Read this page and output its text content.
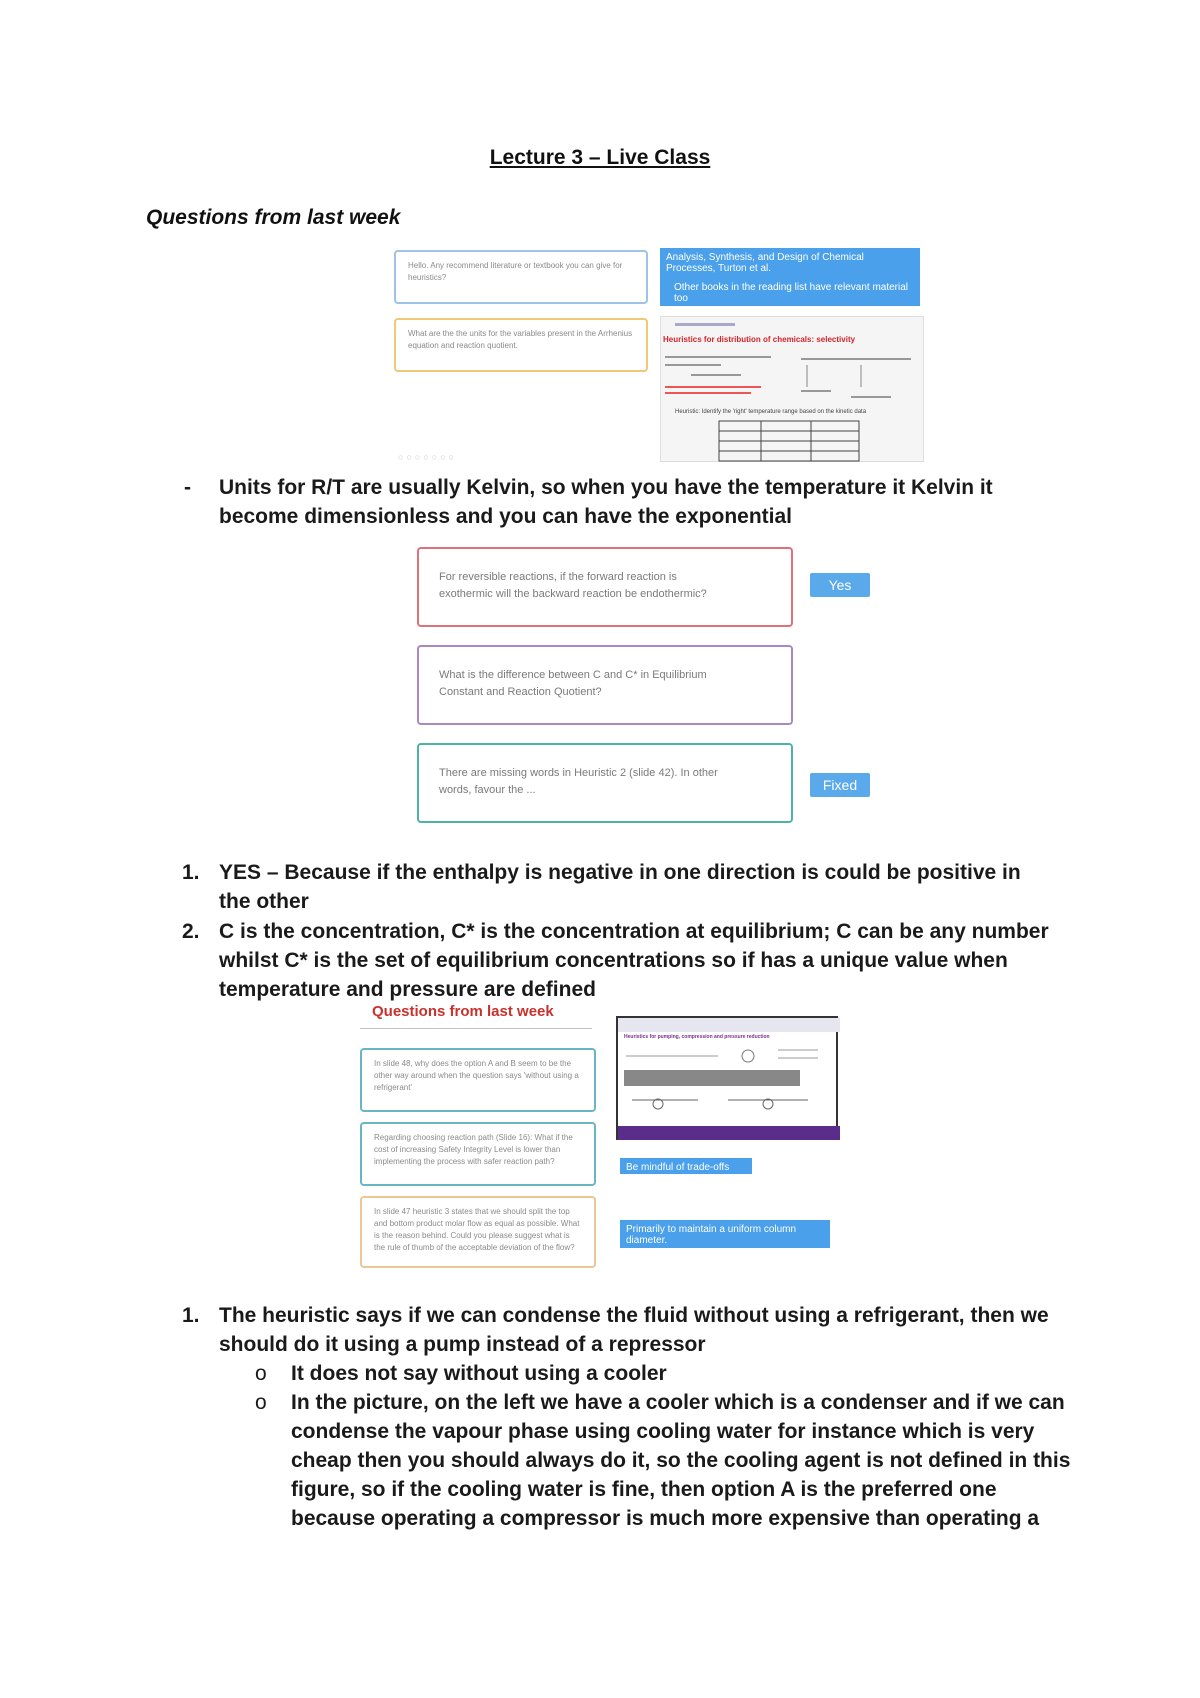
Lecture 3 – Live Class
Questions from last week
Hello. Any recommend literature or textbook you can give for heuristics?
What are the the units for the variables present in the Arrhenius equation and reaction quotient.
○○○○○○○
Analysis, Synthesis, and Design of Chemical Processes, Turton et al.
Other books in the reading list have relevant material too
Heuristics for distribution of chemicals: selectivity
Heuristic: Identify the 'right' temperature range based on the kinetic data
- Units for R/T are usually Kelvin, so when you have the temperature it Kelvin it become dimensionless and you can have the exponential
For reversible reactions, if the forward reaction is exothermic will the backward reaction be endothermic?
Yes
What is the difference between C and C* in Equilibrium Constant and Reaction Quotient?
There are missing words in Heuristic 2 (slide 42). In other words, favour the ...	Fixed
1. YES – Because if the enthalpy is negative in one direction is could be positive in the other
2. C is the concentration, C* is the concentration at equilibrium; C can be any number whilst C* is the set of equilibrium concentrations so if has a unique value when temperature and pressure are defined
Questions from last week
In slide 48, why does the option A and B seem to be the other way around when the question says 'without using a refrigerant'
Regarding choosing reaction path (Slide 16): What if the cost of increasing Safety Integrity Level is lower than implementing the process with safer reaction path?
In slide 47 heuristic 3 states that we should split the top and bottom product molar flow as equal as possible. What is the reason behind. Could you please suggest what is the rule of thumb of the acceptable deviation of the flow?
Heuristics for pumping, compression and pressure reduction
Be mindful of trade-offs
Primarily to maintain a uniform column diameter.
1. The heuristic says if we can condense the fluid without using a refrigerant, then we should do it using a pump instead of a repressor
o It does not say without using a cooler
o In the picture, on the left we have a cooler which is a condenser and if we can condense the vapour phase using cooling water for instance which is very cheap then you should always do it, so the cooling agent is not defined in this figure, so if the cooling water is fine, then option A is the preferred one because operating a compressor is much more expensive than operating a
